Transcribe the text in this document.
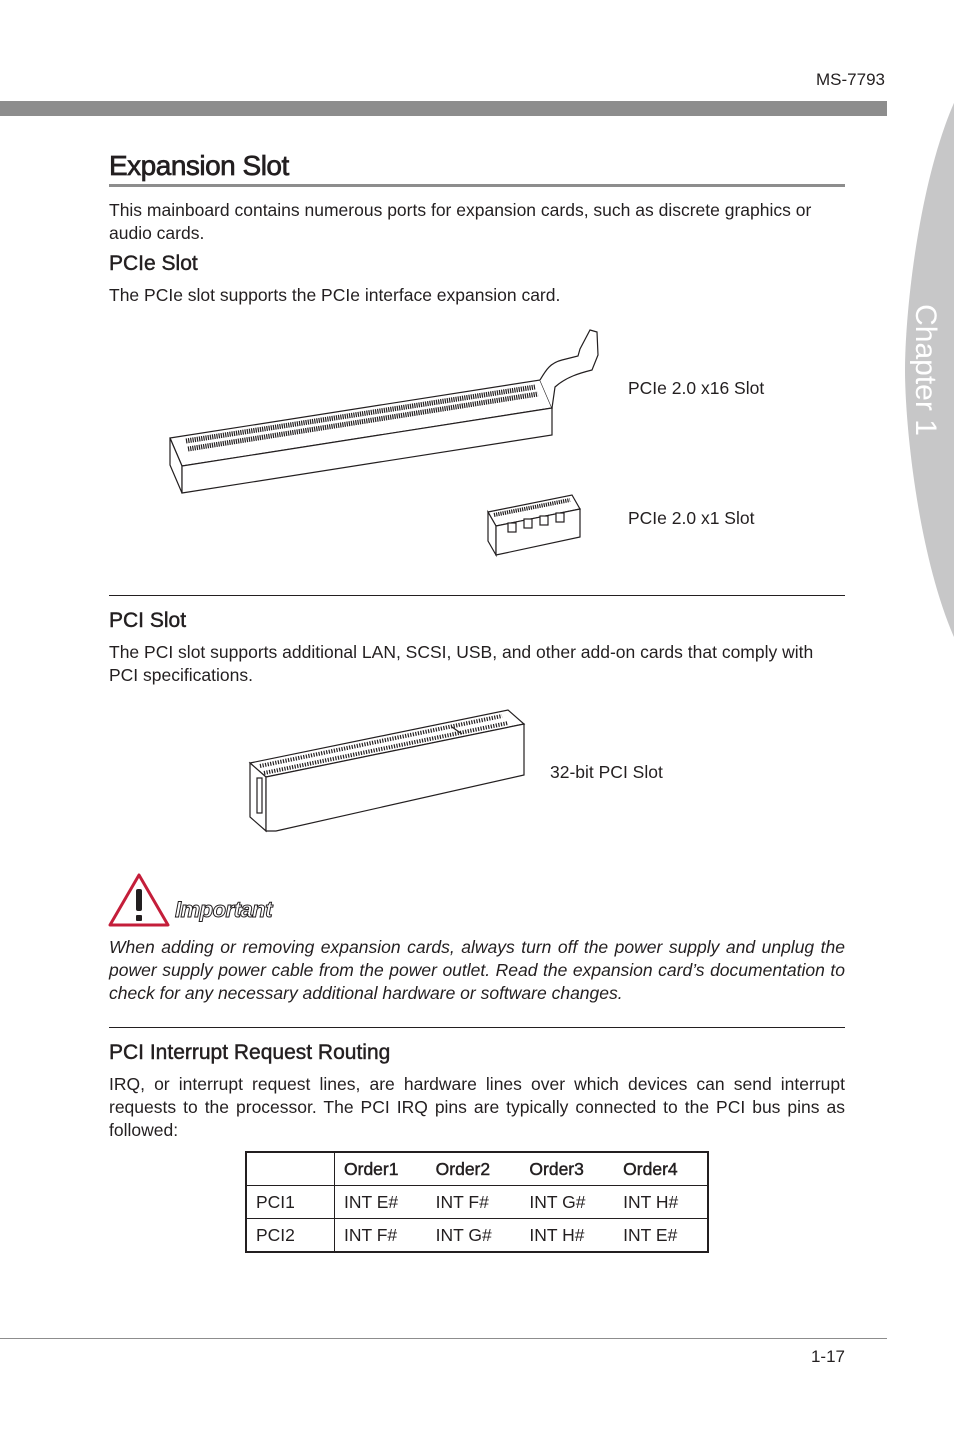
MS-7793
Chapter 1
Expansion Slot
This mainboard contains numerous ports for expansion cards, such as discrete graphics or audio cards.
PCIe Slot
The PCIe slot supports the PCIe interface expansion card.
PCIe 2.0 x16 Slot
PCIe 2.0 x1 Slot
PCI Slot
The PCI slot supports additional LAN, SCSI, USB, and other add-on cards that comply with PCI specifications.
32-bit PCI Slot
Important
When adding or removing expansion cards, always turn off the power supply and unplug the power supply power cable from the power outlet. Read the expansion card’s documentation to check for any necessary additional hardware or software changes.
PCI Interrupt Request Routing
IRQ, or interrupt request lines, are hardware lines over which devices can send interrupt requests to the processor. The PCI IRQ pins are typically connected to the PCI bus pins as followed:
	Order1	Order2	Order3	Order4
PCI1	INT E#	INT F#	INT G#	INT H#
PCI2	INT F#	INT G#	INT H#	INT E#
1-17
